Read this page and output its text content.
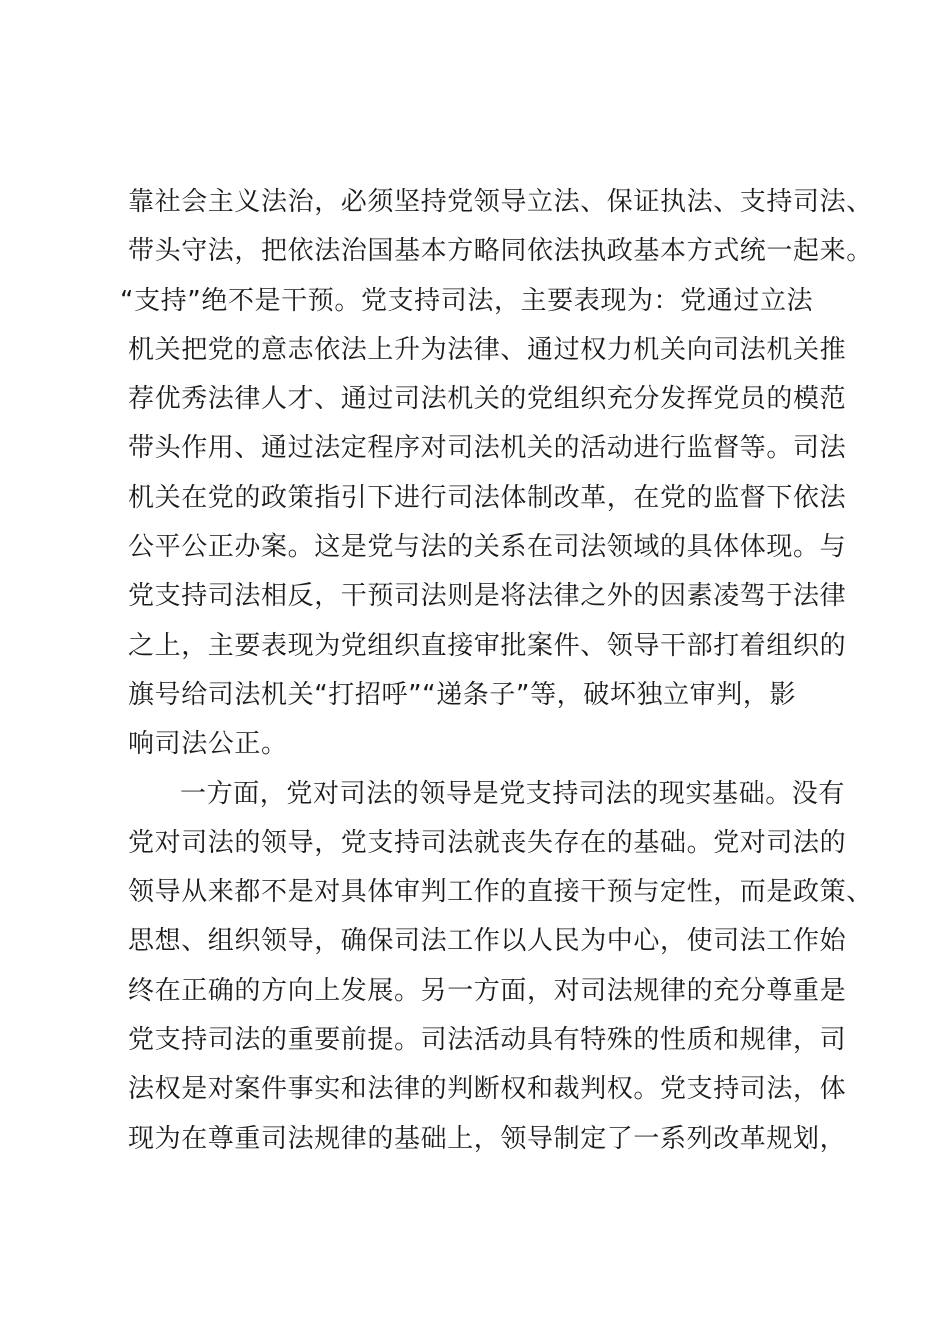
靠社会主义法治，必须坚持党领导立法、保证执法、支持司法、
带头守法，把依法治国基本方略同依法执政基本方式统一起来。
“支持”绝不是干预。党支持司法，主要表现为：党通过立法
机关把党的意志依法上升为法律、通过权力机关向司法机关推
荐优秀法律人才、通过司法机关的党组织充分发挥党员的模范
带头作用、通过法定程序对司法机关的活动进行监督等。司法
机关在党的政策指引下进行司法体制改革，在党的监督下依法
公平公正办案。这是党与法的关系在司法领域的具体体现。与
党支持司法相反，干预司法则是将法律之外的因素凌驾于法律
之上，主要表现为党组织直接审批案件、领导干部打着组织的
旗号给司法机关“打招呼”“递条子”等，破坏独立审判，影
响司法公正。
一方面，党对司法的领导是党支持司法的现实基础。没有
党对司法的领导，党支持司法就丧失存在的基础。党对司法的
领导从来都不是对具体审判工作的直接干预与定性，而是政策、
思想、组织领导，确保司法工作以人民为中心，使司法工作始
终在正确的方向上发展。另一方面，对司法规律的充分尊重是
党支持司法的重要前提。司法活动具有特殊的性质和规律，司
法权是对案件事实和法律的判断权和裁判权。党支持司法，体
现为在尊重司法规律的基础上，领导制定了一系列改革规划，
